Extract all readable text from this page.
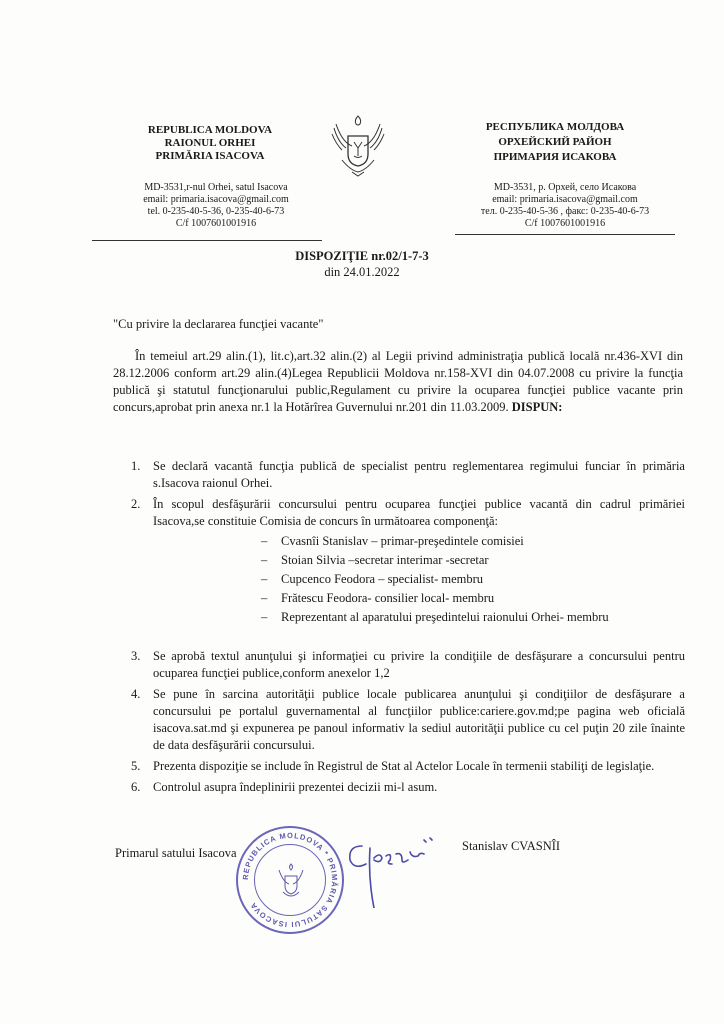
REPUBLICA MOLDOVA
RAIONUL ORHEI
PRIMĂRIA ISACOVA
РЕСПУБЛИКА МОЛДОВА
ОРХЕЙСКИЙ РАЙОН
ПРИМАРИЯ ИСАКОВА
MD-3531,r-nul Orhei, satul Isacova
email: primaria.isacova@gmail.com
tel. 0-235-40-5-36, 0-235-40-6-73
C/f 1007601001916
MD-3531, р. Орхей, село Исакова
email: primaria.isacova@gmail.com
тел. 0-235-40-5-36 , факс: 0-235-40-6-73
C/f 1007601001916
DISPOZIŢIE nr.02/1-7-3
din 24.01.2022
"Cu privire la declararea funcţiei vacante"

În temeiul art.29 alin.(1), lit.c),art.32 alin.(2) al Legii privind administraţia publică locală nr.436-XVI din 28.12.2006 conform art.29 alin.(4)Legea Republicii Moldova nr.158-XVI din 04.07.2008 cu privire la funcţia publică şi statutul funcţionarului public,Regulament cu privire la ocuparea funcţiei publice vacante prin concurs,aprobat prin anexa nr.1 la Hotărîrea Guvernului nr.201 din 11.03.2009. DISPUN:

1. Se declară vacantă funcţia publică de specialist pentru reglementarea regimului funciar în primăria s.Isacova raionul Orhei.
2. În scopul desfăşurării concursului pentru ocuparea funcţiei publice vacantă din cadrul primăriei Isacova,se constituie Comisia de concurs în următoarea componenţă:
– Cvasnîi Stanislav – primar-preşedintele comisiei
– Stoian Silvia –secretar interimar -secretar
– Cupcenco Feodora – specialist- membru
– Frătescu Feodora- consilier local- membru
– Reprezentant al aparatului preşedintelui raionului Orhei- membru
3. Se aprobă textul anunţului şi informaţiei cu privire la condiţiile de desfăşurare a concursului pentru ocuparea funcţiei publice,conform anexelor 1,2
4. Se pune în sarcina autorităţii publice locale publicarea anunţului şi condiţiilor de desfăşurare a concursului pe portalul guvernamental al funcţiilor publice:cariere.gov.md;pe pagina web oficială isacova.sat.md şi expunerea pe panoul informativ la sediul autorităţii publice cu cel puţin 20 zile înainte de data desfăşurării concursului.
5. Prezenta dispoziţie se include în Registrul de Stat al Actelor Locale în termenii stabiliţi de legislaţie.
6. Controlul asupra îndeplinirii prezentei decizii mi-l asum.
Primarul satului Isacova	Stanislav CVASNÎI
REPUBLICA MOLDOVA * PRIMĂRIA SATULUI ISACOVA
